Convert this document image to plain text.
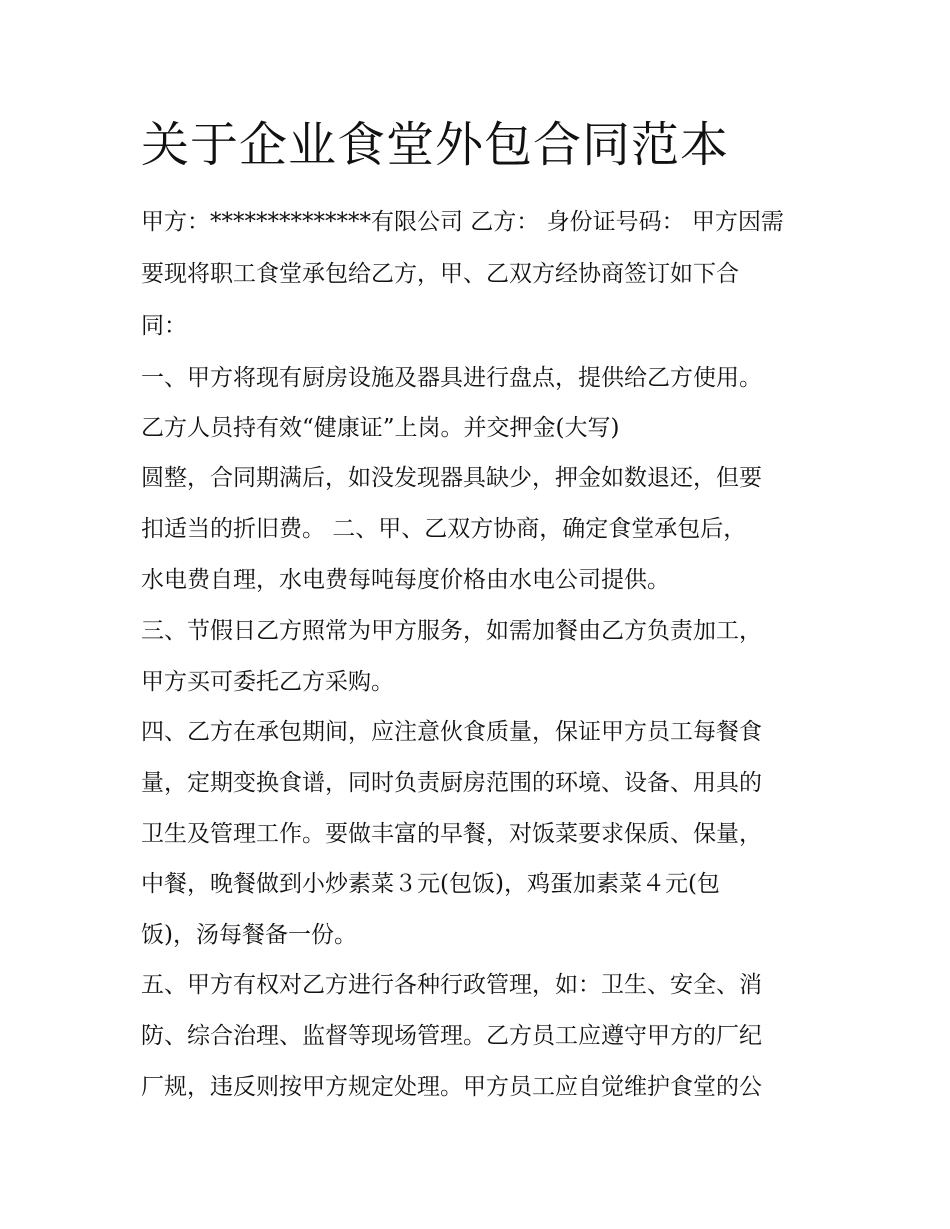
关于企业食堂外包合同范本

甲方：**************有限公司 乙方： 身份证号码： 甲方因需

要现将职工食堂承包给乙方，甲、乙双方经协商签订如下合

同：

一、甲方将现有厨房设施及器具进行盘点，提供给乙方使用。

乙方人员持有效“健康证”上岗。并交押金(大写)

圆整，合同期满后，如没发现器具缺少，押金如数退还，但要

扣适当的折旧费。 二、甲、乙双方协商，确定食堂承包后，

水电费自理，水电费每吨每度价格由水电公司提供。

三、节假日乙方照常为甲方服务，如需加餐由乙方负责加工，

甲方买可委托乙方采购。

四、乙方在承包期间，应注意伙食质量，保证甲方员工每餐食

量，定期变换食谱，同时负责厨房范围的环境、设备、用具的

卫生及管理工作。要做丰富的早餐，对饭菜要求保质、保量，

中餐，晚餐做到小炒素菜３元(包饭)，鸡蛋加素菜４元(包

饭)，汤每餐备一份。

五、甲方有权对乙方进行各种行政管理，如：卫生、安全、消

防、综合治理、监督等现场管理。乙方员工应遵守甲方的厂纪

厂规，违反则按甲方规定处理。甲方员工应自觉维护食堂的公
